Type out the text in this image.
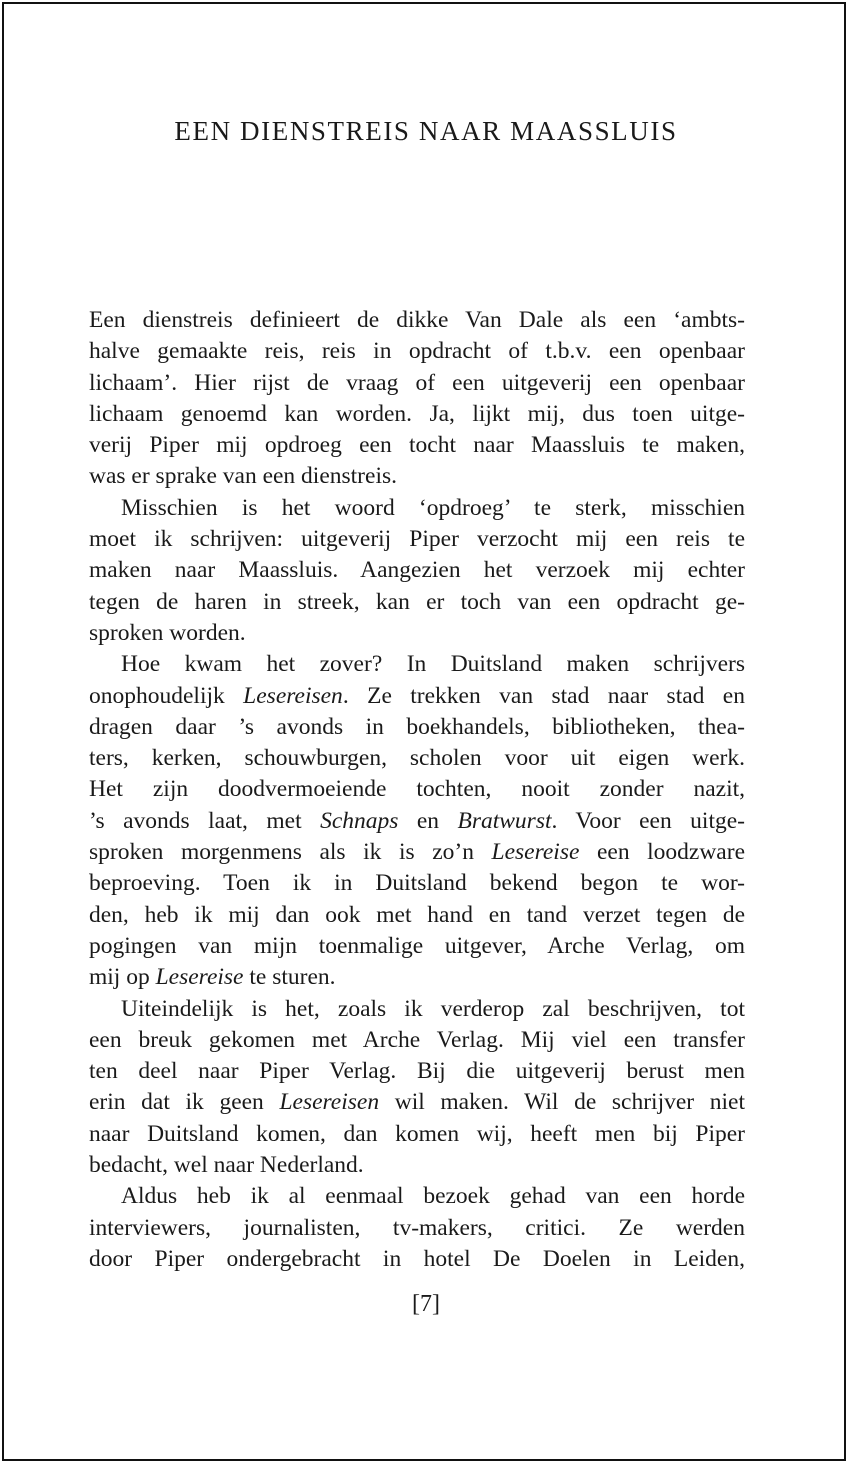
EEN DIENSTREIS NAAR MAASSLUIS
Een dienstreis definieert de dikke Van Dale als een ‘ambts-
halve gemaakte reis, reis in opdracht of t.b.v. een openbaar
lichaam’. Hier rijst de vraag of een uitgeverij een openbaar
lichaam genoemd kan worden. Ja, lijkt mij, dus toen uitge-
verij Piper mij opdroeg een tocht naar Maassluis te maken,
was er sprake van een dienstreis.
Misschien is het woord ‘opdroeg’ te sterk, misschien
moet ik schrijven: uitgeverij Piper verzocht mij een reis te
maken naar Maassluis. Aangezien het verzoek mij echter
tegen de haren in streek, kan er toch van een opdracht ge-
sproken worden.
Hoe kwam het zover? In Duitsland maken schrijvers
onophoudelijk Lesereisen. Ze trekken van stad naar stad en
dragen daar ’s avonds in boekhandels, bibliotheken, thea-
ters, kerken, schouwburgen, scholen voor uit eigen werk.
Het zijn doodvermoeiende tochten, nooit zonder nazit,
’s avonds laat, met Schnaps en Bratwurst. Voor een uitge-
sproken morgenmens als ik is zo’n Lesereise een loodzware
beproeving. Toen ik in Duitsland bekend begon te wor-
den, heb ik mij dan ook met hand en tand verzet tegen de
pogingen van mijn toenmalige uitgever, Arche Verlag, om
mij op Lesereise te sturen.
Uiteindelijk is het, zoals ik verderop zal beschrijven, tot
een breuk gekomen met Arche Verlag. Mij viel een transfer
ten deel naar Piper Verlag. Bij die uitgeverij berust men
erin dat ik geen Lesereisen wil maken. Wil de schrijver niet
naar Duitsland komen, dan komen wij, heeft men bij Piper
bedacht, wel naar Nederland.
Aldus heb ik al eenmaal bezoek gehad van een horde
interviewers, journalisten, tv-makers, critici. Ze werden
door Piper ondergebracht in hotel De Doelen in Leiden,
[7]
